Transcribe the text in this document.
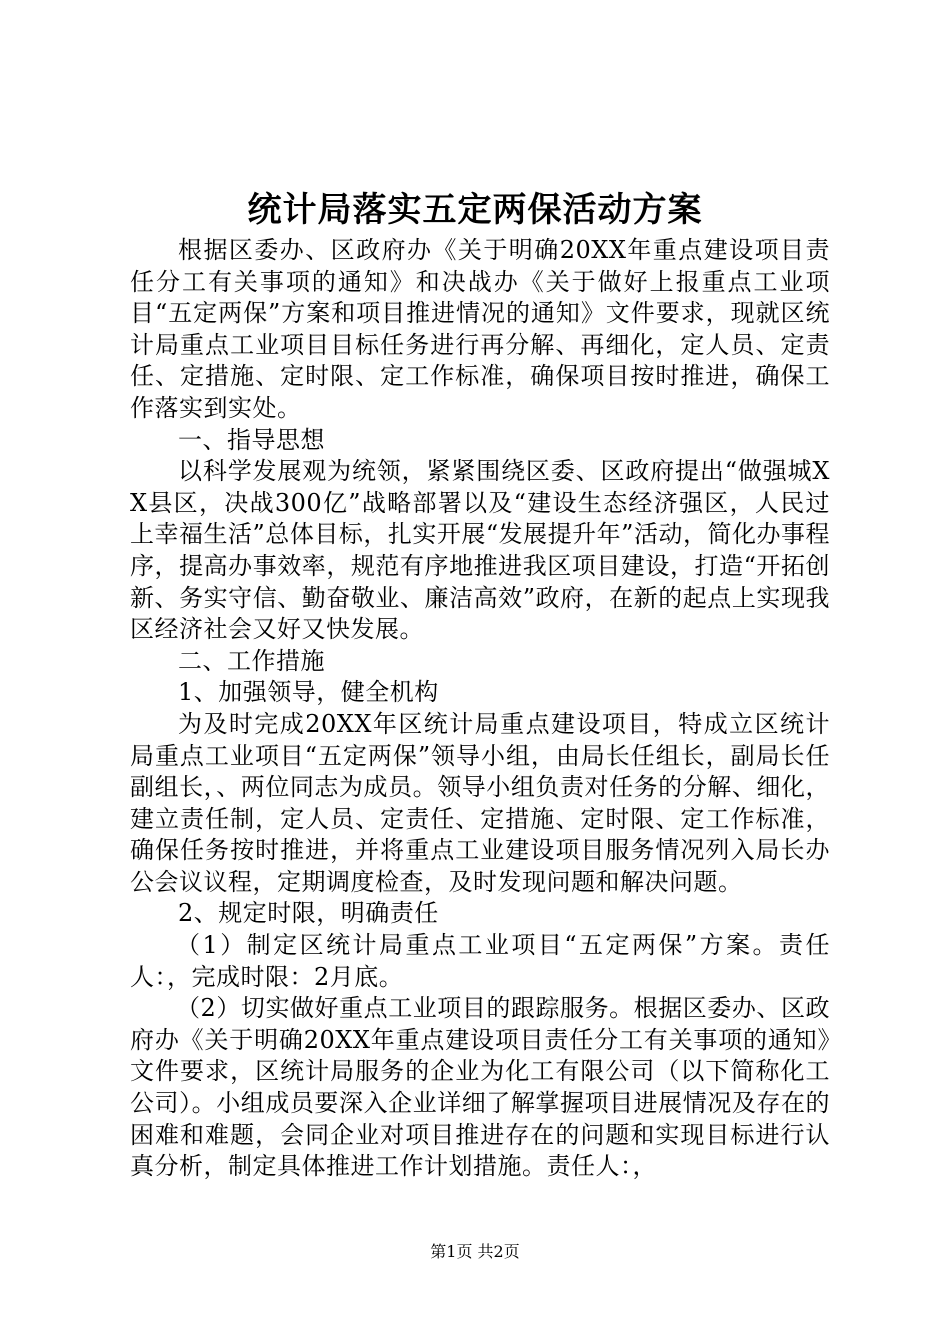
统计局落实五定两保活动方案

根据区委办、区政府办《关于明确20XX年重点建设项目责任分工有关事项的通知》和决战办《关于做好上报重点工业项目“五定两保”方案和项目推进情况的通知》文件要求，现就区统计局重点工业项目目标任务进行再分解、再细化，定人员、定责任、定措施、定时限、定工作标准，确保项目按时推进，确保工作落实到实处。

一、指导思想

以科学发展观为统领，紧紧围绕区委、区政府提出“做强城XX县区，决战300亿”战略部署以及“建设生态经济强区，人民过上幸福生活”总体目标，扎实开展“发展提升年”活动，简化办事程序，提高办事效率，规范有序地推进我区项目建设，打造“开拓创新、务实守信、勤奋敬业、廉洁高效”政府，在新的起点上实现我区经济社会又好又快发展。

二、工作措施

1、加强领导，健全机构

为及时完成20XX年区统计局重点建设项目，特成立区统计局重点工业项目“五定两保”领导小组，由局长任组长，副局长任副组长，、两位同志为成员。领导小组负责对任务的分解、细化，建立责任制，定人员、定责任、定措施、定时限、定工作标准，确保任务按时推进，并将重点工业建设项目服务情况列入局长办公会议议程，定期调度检查，及时发现问题和解决问题。

2、规定时限，明确责任

（1）制定区统计局重点工业项目“五定两保”方案。责任人：，完成时限：2月底。

（2）切实做好重点工业项目的跟踪服务。根据区委办、区政府办《关于明确20XX年重点建设项目责任分工有关事项的通知》文件要求，区统计局服务的企业为化工有限公司（以下简称化工公司）。小组成员要深入企业详细了解掌握项目进展情况及存在的困难和难题，会同企业对项目推进存在的问题和实现目标进行认真分析，制定具体推进工作计划措施。责任人：，

第1页 共2页
